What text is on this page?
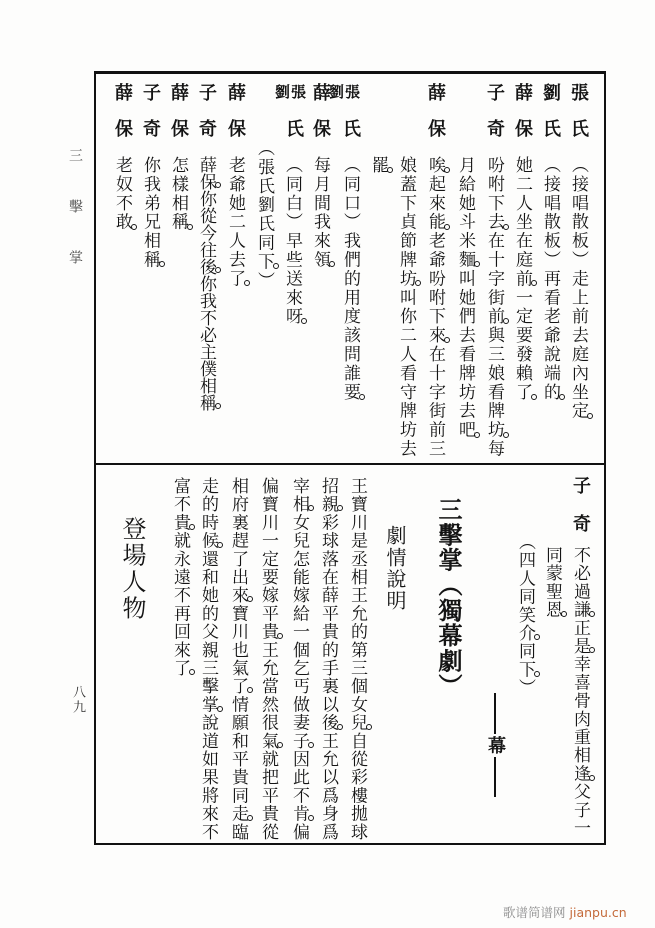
三擊掌
八九
張
氏
（接唱散板）走上前去庭內坐定
劉
氏
（接唱散板）再看老爺說端的
薛
保
她二人坐在庭前一定要發賴了
子
奇
吩咐下去在十字街前與三娘看牌坊每
月給她斗米麵叫她們去看牌坊去吧
薛
保
唉起來能老爺吩咐下來在十字街前三
娘蓋下貞節牌坊叫你二人看守牌坊去
罷
張劉
氏
（同口）我們的用度該問誰要
薛
保
每月間我來領
張劉
氏
（同白）早些送來呀
（張氏劉氏同下）
薛
保
老爺她二人去了
子
奇
薛保你從今往後你我不必主僕相稱
薛
保
怎樣相稱
子
奇
你我弟兄相稱
薛
保
老奴不敢
子
奇
不必過謙正是幸喜骨肉重相逢父子一
同蒙聖恩
（四人同笑介同下）
幕
三擊掌（獨幕劇）
劇情說明
王寶川是丞相王允的第三個女兒自從彩樓拋球
招親彩球落在薛平貴的手裏以後王允以爲身爲
宰相女兒怎能嫁給一個乞丐做妻子因此不肯偏
偏寶川一定要嫁平貴王允當然很氣就把平貴從
相府裏趕了出來寶川也氣了情願和平貴同走臨
走的時候還和她的父親三擊掌說道如果將來不
富不貴就永遠不再回來了
登場人物
歌谱简谱网 jianpu.cn
